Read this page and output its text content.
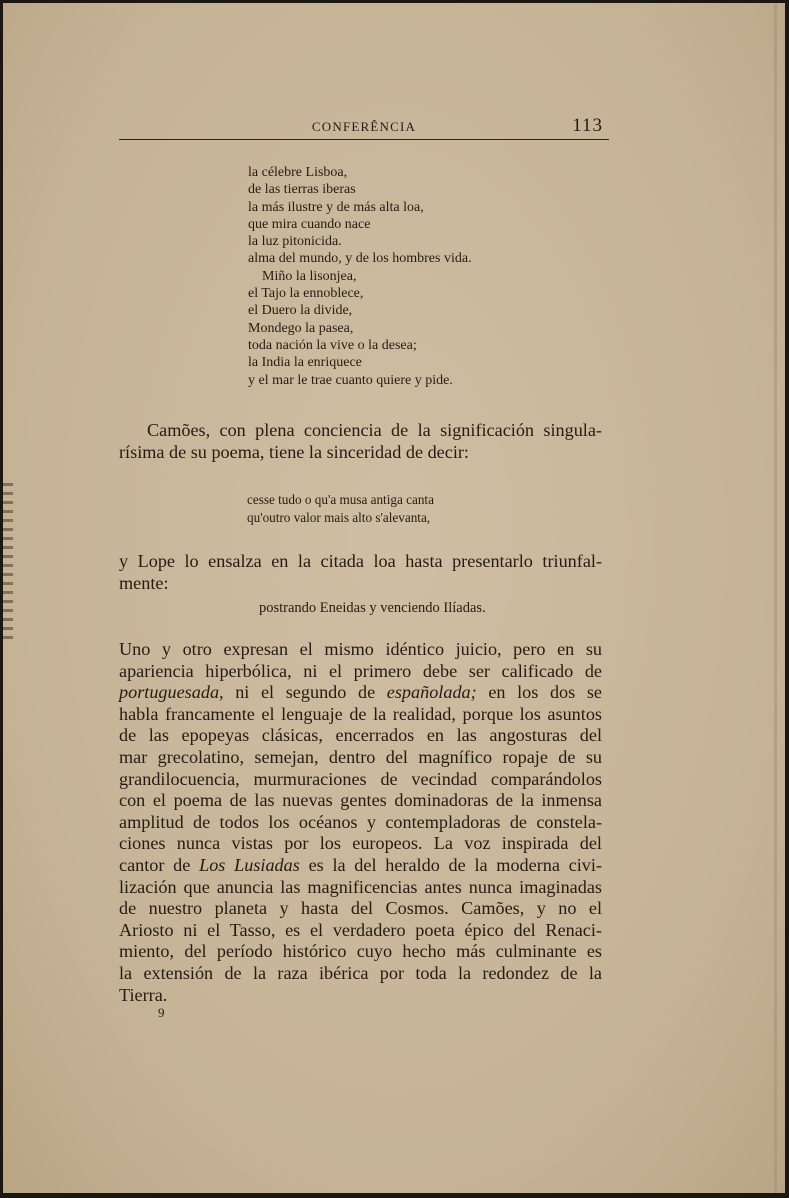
CONFERÊNCIA	113
la célebre Lisboa,
de las tierras iberas
la más ilustre y de más alta loa,
que mira cuando nace
la luz pitonicida.
alma del mundo, y de los hombres vida.
Miño la lisonjea,
el Tajo la ennoblece,
el Duero la divide,
Mondego la pasea,
toda nación la vive o la desea;
la India la enriquece
y el mar le trae cuanto quiere y pide.
Camões, con plena conciencia de la significación singula-
rísima de su poema, tiene la sinceridad de decir:
cesse tudo o qu'a musa antiga canta
qu'outro valor mais alto s'alevanta,
y Lope lo ensalza en la citada loa hasta presentarlo triunfal-
mente:
postrando Eneidas y venciendo Ilíadas.
Uno y otro expresan el mismo idéntico juicio, pero en su
apariencia hiperbólica, ni el primero debe ser calificado de
portuguesada, ni el segundo de españolada; en los dos se
habla francamente el lenguaje de la realidad, porque los asuntos
de las epopeyas clásicas, encerrados en las angosturas del
mar grecolatino, semejan, dentro del magnífico ropaje de su
grandilocuencia, murmuraciones de vecindad comparándolos
con el poema de las nuevas gentes dominadoras de la inmensa
amplitud de todos los océanos y contempladoras de constela-
ciones nunca vistas por los europeos. La voz inspirada del
cantor de Los Lusiadas es la del heraldo de la moderna civi-
lización que anuncia las magnificencias antes nunca imaginadas
de nuestro planeta y hasta del Cosmos. Camões, y no el
Ariosto ni el Tasso, es el verdadero poeta épico del Renaci-
miento, del período histórico cuyo hecho más culminante es
la extensión de la raza ibérica por toda la redondez de la
Tierra.
9
